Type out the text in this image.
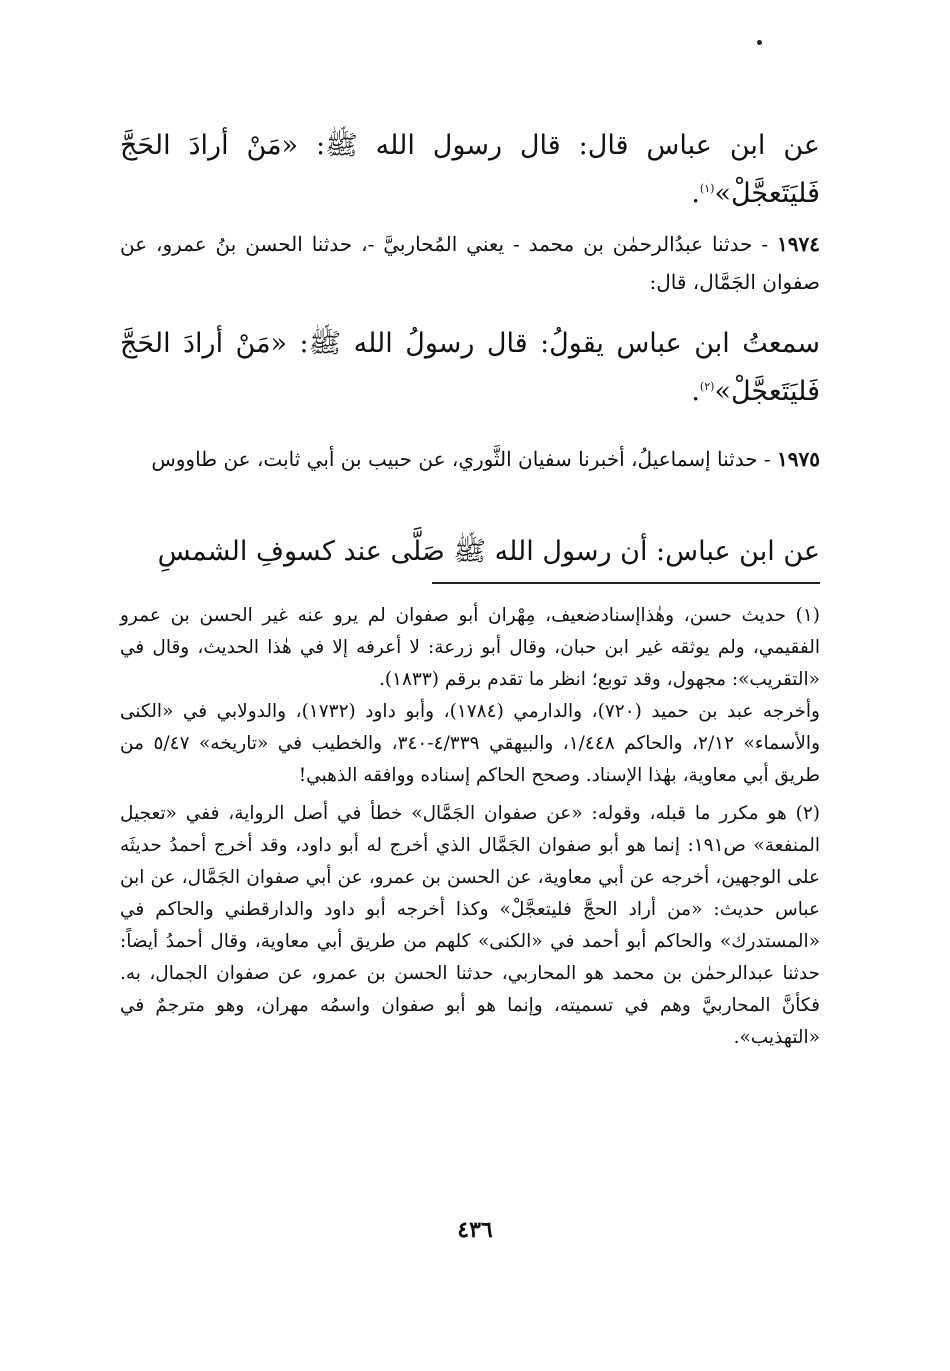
عن ابن عباس قال: قال رسول الله ﷺ: «مَنْ أرادَ الحَجَّ فَليَتَعجَّلْ»$^{(١)}$.
١٩٧٤ - حدثنا عبدُالرحمٰن بن محمد - يعني المُحاربيَّ -، حدثنا الحسن بنُ عمرو، عن صفوان الجَمَّال، قال:
سمعتُ ابن عباس يقولُ: قال رسولُ الله ﷺ: «مَنْ أرادَ الحَجَّ فَليَتَعجَّلْ»$^{(٢)}$.
١٩٧٥ - حدثنا إسماعيلُ، أخبرنا سفيان الثَّوري، عن حبيب بن أبي ثابت، عن طاووس
عن ابن عباس: أن رسول الله ﷺ صَلَّى عند كسوفِ الشمسِ

(١) حديث حسن، وهٰذاإسنادضعيف، مِهْران أبو صفوان لم يرو عنه غير الحسن بن عمرو الفقيمي، ولم يوثقه غير ابن حبان، وقال أبو زرعة: لا أعرفه إلا في هٰذا الحديث، وقال في «التقريب»: مجهول، وقد توبع؛ انظر ما تقدم برقم (١٨٣٣).

وأخرجه عبد بن حميد (٧٢٠)، والدارمي (١٧٨٤)، وأبو داود (١٧٣٢)، والدولابي في «الكنى والأسماء» ٢/١٢، والحاكم ١/٤٤٨، والبيهقي ٤/٣٣٩-٣٤٠، والخطيب في «تاريخه» ٥/٤٧ من طريق أبي معاوية، بهٰذا الإسناد. وصحح الحاكم إسناده ووافقه الذهبي!

(٢) هو مكرر ما قبله، وقوله: «عن صفوان الجَمَّال» خطأ في أصل الرواية، ففي «تعجيل المنفعة» ص١٩١: إنما هو أبو صفوان الجَمَّال الذي أخرج له أبو داود، وقد أخرج أحمدُ حديثَه على الوجهين، أخرجه عن أبي معاوية، عن الحسن بن عمرو، عن أبي صفوان الجَمَّال، عن ابن عباس حديث: «من أراد الحجَّ فليتعجَّلْ» وكذا أخرجه أبو داود والدارقطني والحاكم في «المستدرك» والحاكم أبو أحمد في «الكنى» كلهم من طريق أبي معاوية، وقال أحمدُ أيضاً: حدثنا عبدالرحمٰن بن محمد هو المحاربي، حدثنا الحسن بن عمرو، عن صفوان الجمال، به. فكأنَّ المحاربيَّ وهم في تسميته، وإنما هو أبو صفوان واسمُه مهران، وهو مترجمٌ في «التهذيب».

٤٣٦
